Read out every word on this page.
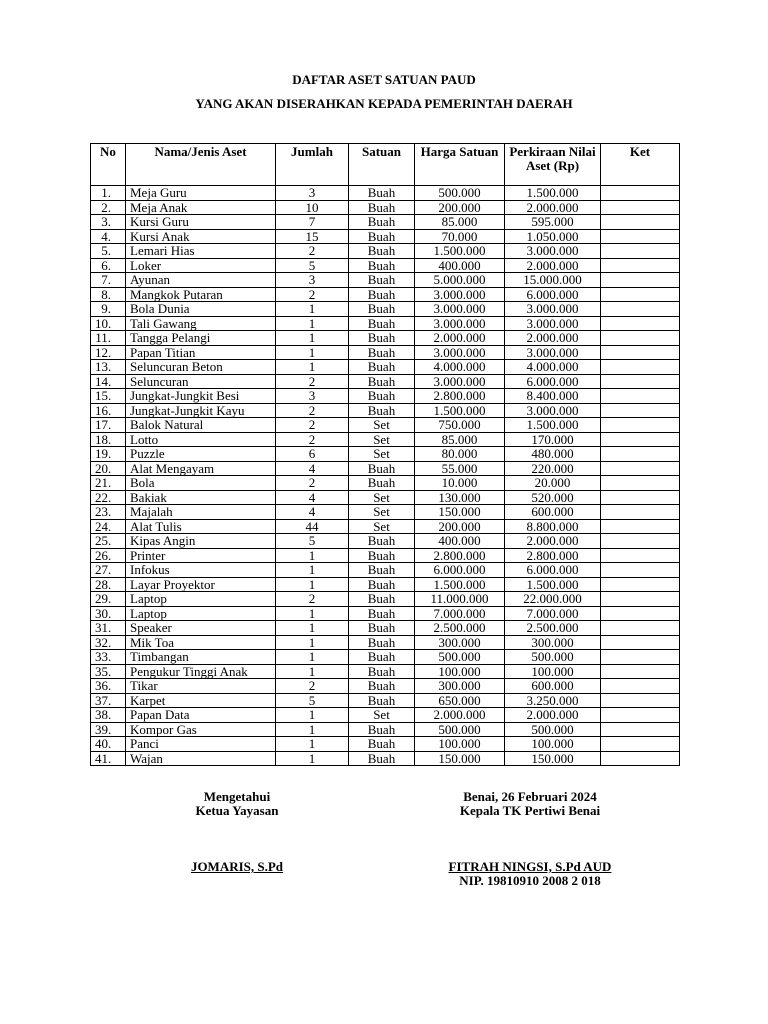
DAFTAR ASET SATUAN PAUD
YANG AKAN DISERAHKAN KEPADA PEMERINTAH DAERAH
No	Nama/Jenis Aset	Jumlah	Satuan	Harga Satuan	Perkiraan Nilai Aset (Rp)	Ket
1.	Meja Guru	3	Buah	500.000	1.500.000	
2.	Meja Anak	10	Buah	200.000	2.000.000	
3.	Kursi Guru	7	Buah	85.000	595.000	
4.	Kursi Anak	15	Buah	70.000	1.050.000	
5.	Lemari Hias	2	Buah	1.500.000	3.000.000	
6.	Loker	5	Buah	400.000	2.000.000	
7.	Ayunan	3	Buah	5.000.000	15.000.000	
8.	Mangkok Putaran	2	Buah	3.000.000	6.000.000	
9.	Bola Dunia	1	Buah	3.000.000	3.000.000	
10.	Tali Gawang	1	Buah	3.000.000	3.000.000	
11.	Tangga Pelangi	1	Buah	2.000.000	2.000.000	
12.	Papan Titian	1	Buah	3.000.000	3.000.000	
13.	Seluncuran Beton	1	Buah	4.000.000	4.000.000	
14.	Seluncuran	2	Buah	3.000.000	6.000.000	
15.	Jungkat-Jungkit Besi	3	Buah	2.800.000	8.400.000	
16.	Jungkat-Jungkit Kayu	2	Buah	1.500.000	3.000.000	
17.	Balok Natural	2	Set	750.000	1.500.000	
18.	Lotto	2	Set	85.000	170.000	
19.	Puzzle	6	Set	80.000	480.000	
20.	Alat Mengayam	4	Buah	55.000	220.000	
21.	Bola	2	Buah	10.000	20.000	
22.	Bakiak	4	Set	130.000	520.000	
23.	Majalah	4	Set	150.000	600.000	
24.	Alat Tulis	44	Set	200.000	8.800.000	
25.	Kipas Angin	5	Buah	400.000	2.000.000	
26.	Printer	1	Buah	2.800.000	2.800.000	
27.	Infokus	1	Buah	6.000.000	6.000.000	
28.	Layar Proyektor	1	Buah	1.500.000	1.500.000	
29.	Laptop	2	Buah	11.000.000	22.000.000	
30.	Laptop	1	Buah	7.000.000	7.000.000	
31.	Speaker	1	Buah	2.500.000	2.500.000	
32.	Mik Toa	1	Buah	300.000	300.000	
33.	Timbangan	1	Buah	500.000	500.000	
35.	Pengukur Tinggi Anak	1	Buah	100.000	100.000	
36.	Tikar	2	Buah	300.000	600.000	
37.	Karpet	5	Buah	650.000	3.250.000	
38.	Papan Data	1	Set	2.000.000	2.000.000	
39.	Kompor Gas	1	Buah	500.000	500.000	
40.	Panci	1	Buah	100.000	100.000	
41.	Wajan	1	Buah	150.000	150.000	
Mengetahui
Ketua Yayasan
JOMARIS, S.Pd
Benai, 26 Februari 2024
Kepala TK Pertiwi Benai
FITRAH NINGSI, S.Pd AUD
NIP. 19810910 2008 2 018
